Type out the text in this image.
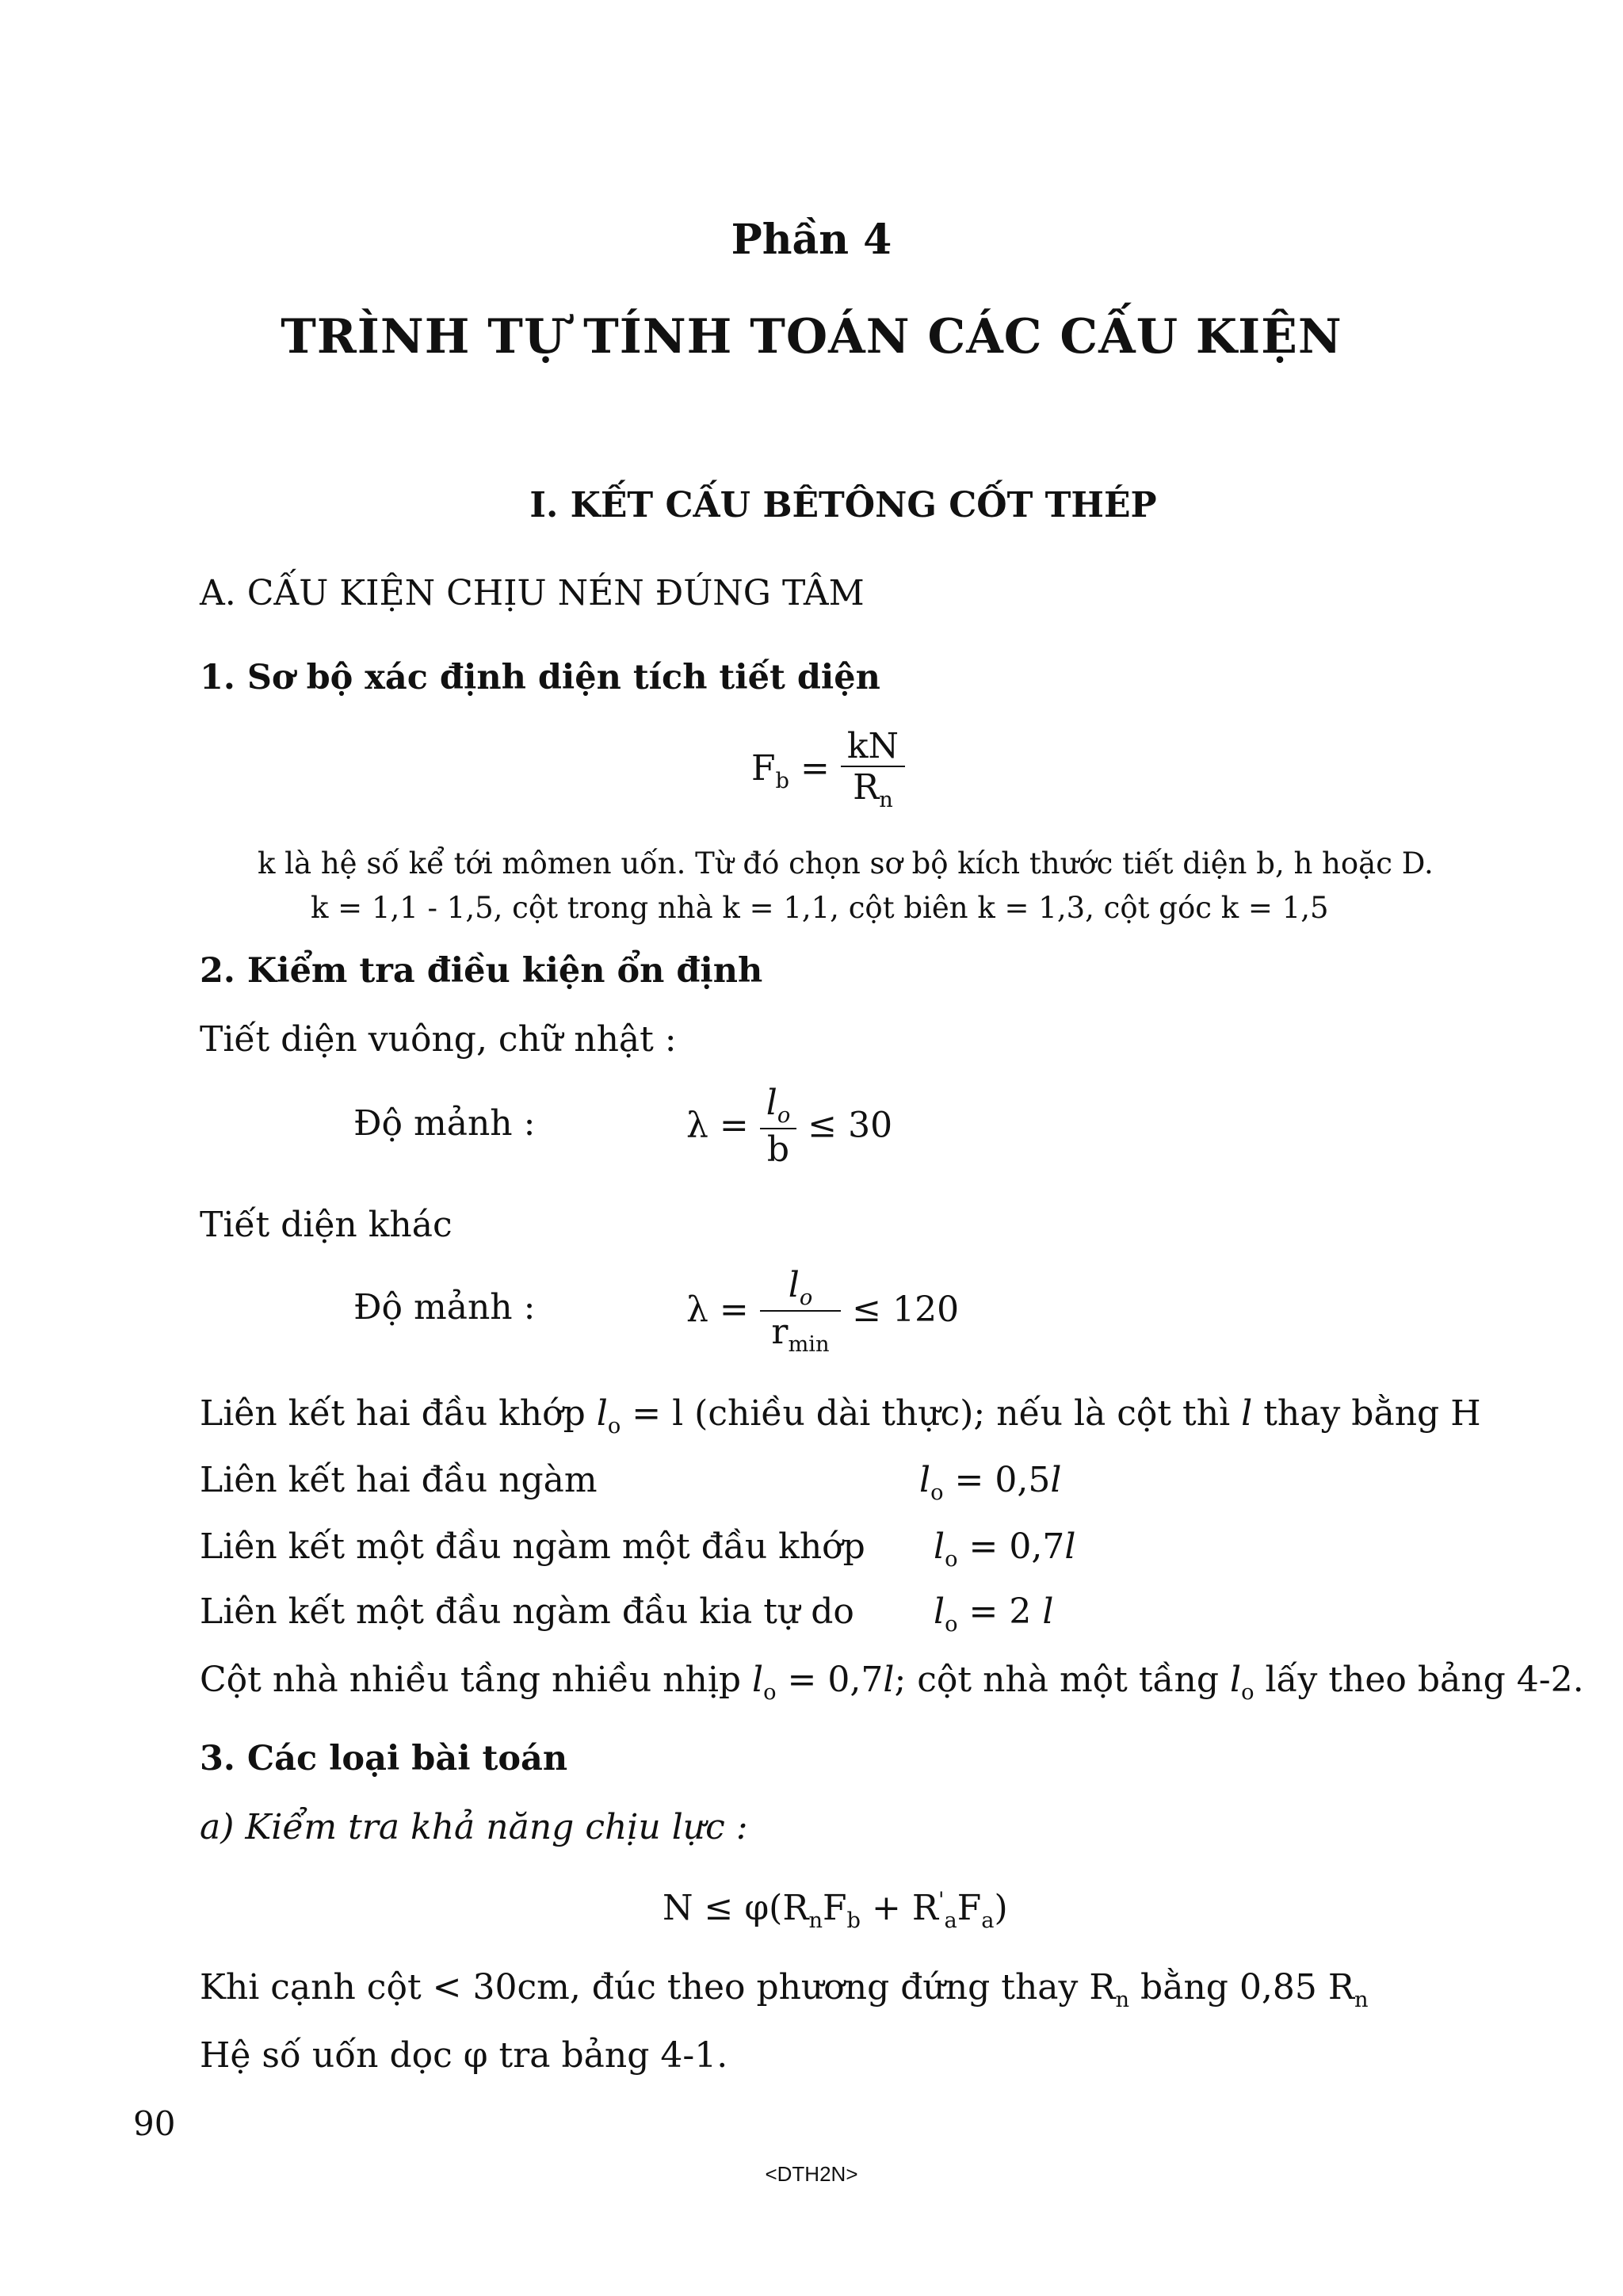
Phần 4
TRÌNH TỰ TÍNH TOÁN CÁC CẤU KIỆN
I. KẾT CẤU BÊTÔNG CỐT THÉP
A. CẤU KIỆN CHỊU NÉN ĐÚNG TÂM
1. Sơ bộ xác định diện tích tiết diện
$F_b = \frac{kN}{R_n}$
k là hệ số kể tới mômen uốn. Từ đó chọn sơ bộ kích thước tiết diện b, h hoặc D.
k = 1,1 - 1,5, cột trong nhà k = 1,1, cột biên k = 1,3, cột góc k = 1,5
2. Kiểm tra điều kiện ổn định
Tiết diện vuông, chữ nhật :
Độ mảnh :	$\lambda = \frac{l_o}{b} \le 30$
Tiết diện khác
Độ mảnh :	$\lambda = \frac{l_o}{r_{min}} \le 120$
Liên kết hai đầu khớp $l_o = l$ (chiều dài thực); nếu là cột thì l thay bằng H
Liên kết hai đầu ngàm	$l_o = 0,5l$
Liên kết một đầu ngàm một đầu khớp $l_o = 0,7l$
Liên kết một đầu ngàm đầu kia tự do $l_o = 2$ l
Cột nhà nhiều tầng nhiều nhịp $l_o = 0,7l$; cột nhà một tầng $l_o$ lấy theo bảng 4-2.
3. Các loại bài toán
a) Kiểm tra khả năng chịu lực :
$N \le \varphi(R_nF_b + R'_aF_a)$
Khi cạnh cột < 30cm, đúc theo phương đứng thay $R_n$ bằng 0,85 $R_n$
Hệ số uốn dọc φ tra bảng 4-1.
90
<DTH2N>
